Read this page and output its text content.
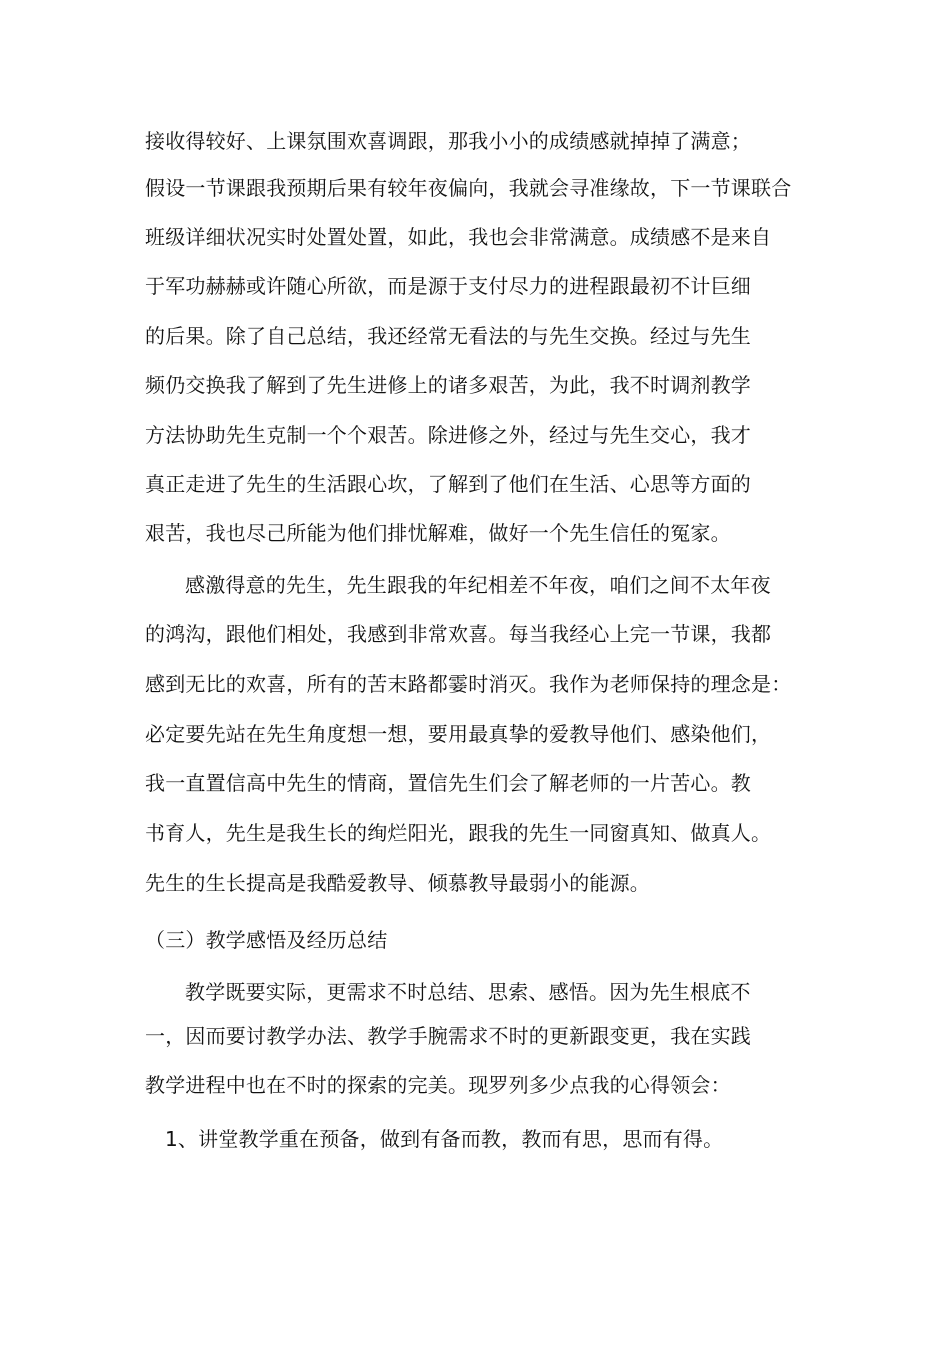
接收得较好、上课氛围欢喜调跟，那我小小的成绩感就掉掉了满意；
假设一节课跟我预期后果有较年夜偏向，我就会寻准缘故，下一节课联合
班级详细状况实时处置处置，如此，我也会非常满意。成绩感不是来自
于军功赫赫或许随心所欲，而是源于支付尽力的进程跟最初不计巨细
的后果。除了自己总结，我还经常无看法的与先生交换。经过与先生
频仍交换我了解到了先生进修上的诸多艰苦，为此，我不时调剂教学
方法协助先生克制一个个艰苦。除进修之外，经过与先生交心，我才
真正走进了先生的生活跟心坎，了解到了他们在生活、心思等方面的
艰苦，我也尽己所能为他们排忧解难，做好一个先生信任的冤家。
感激得意的先生，先生跟我的年纪相差不年夜，咱们之间不太年夜
的鸿沟，跟他们相处，我感到非常欢喜。每当我经心上完一节课，我都
感到无比的欢喜，所有的苦末路都霎时消灭。我作为老师保持的理念是：
必定要先站在先生角度想一想，要用最真挚的爱教导他们、感染他们，
我一直置信高中先生的情商，置信先生们会了解老师的一片苦心。教
书育人，先生是我生长的绚烂阳光，跟我的先生一同窗真知、做真人。
先生的生长提高是我酷爱教导、倾慕教导最弱小的能源。
（三）教学感悟及经历总结
教学既要实际，更需求不时总结、思索、感悟。因为先生根底不
一，因而要讨教学办法、教学手腕需求不时的更新跟变更，我在实践
教学进程中也在不时的探索的完美。现罗列多少点我的心得领会：
1、讲堂教学重在预备，做到有备而教，教而有思，思而有得。
